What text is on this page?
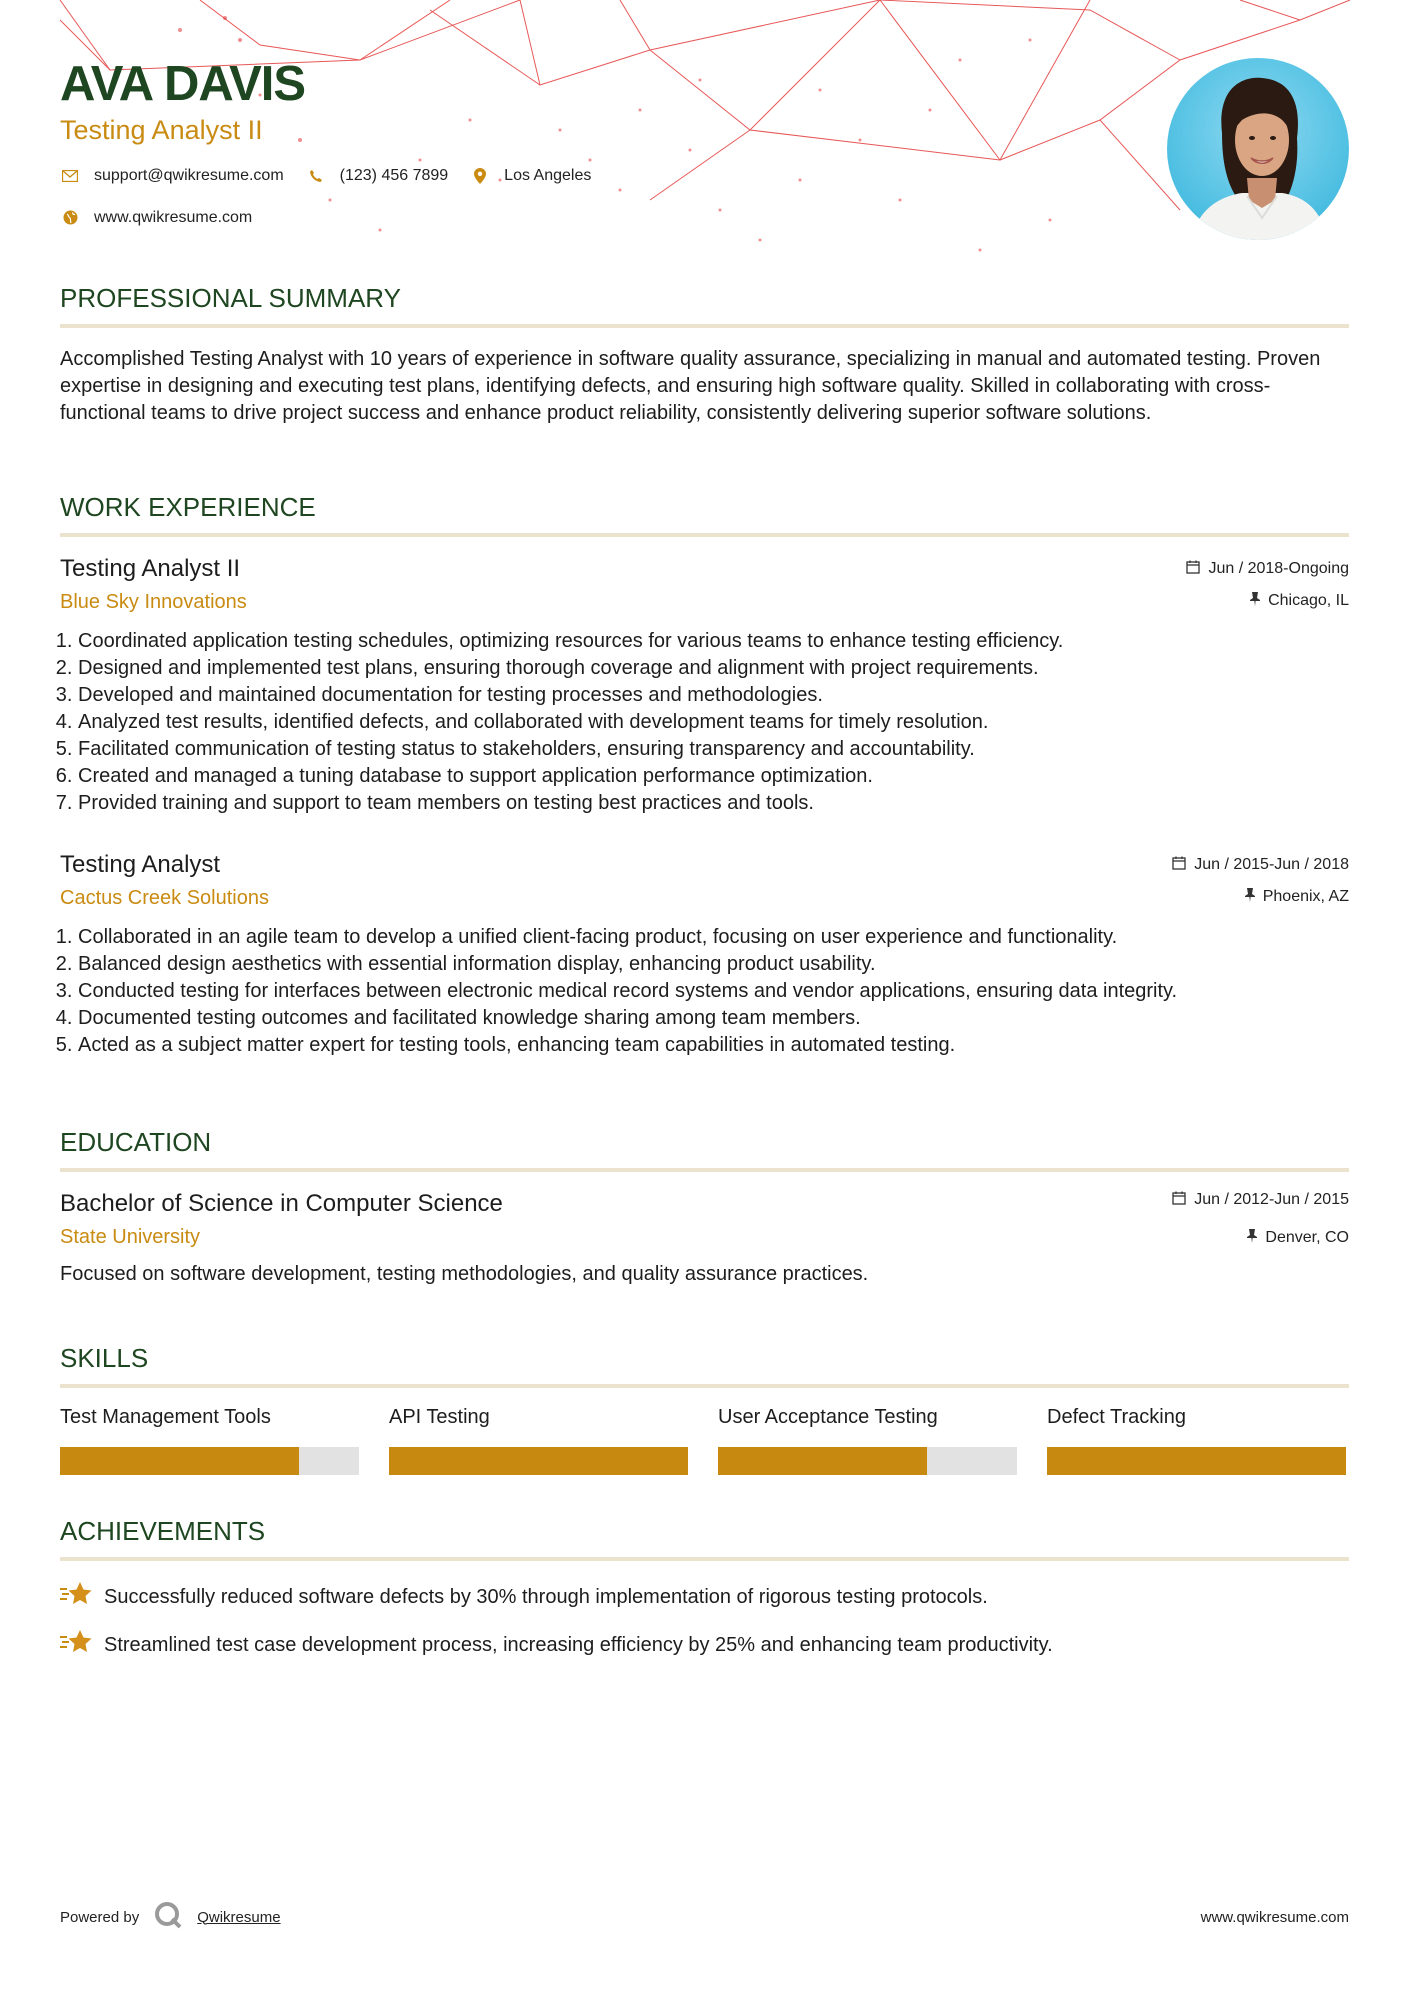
AVA DAVIS
Testing Analyst II
support@qwikresume.com	(123) 456 7899	Los Angeles
www.qwikresume.com
PROFESSIONAL SUMMARY
Accomplished Testing Analyst with 10 years of experience in software quality assurance, specializing in manual and automated testing. Proven expertise in designing and executing test plans, identifying defects, and ensuring high software quality. Skilled in collaborating with cross-functional teams to drive project success and enhance product reliability, consistently delivering superior software solutions.
WORK EXPERIENCE
Testing Analyst II
Blue Sky Innovations
Jun / 2018-Ongoing
Chicago, IL
1. Coordinated application testing schedules, optimizing resources for various teams to enhance testing efficiency.
2. Designed and implemented test plans, ensuring thorough coverage and alignment with project requirements.
3. Developed and maintained documentation for testing processes and methodologies.
4. Analyzed test results, identified defects, and collaborated with development teams for timely resolution.
5. Facilitated communication of testing status to stakeholders, ensuring transparency and accountability.
6. Created and managed a tuning database to support application performance optimization.
7. Provided training and support to team members on testing best practices and tools.
Testing Analyst
Cactus Creek Solutions
Jun / 2015-Jun / 2018
Phoenix, AZ
1. Collaborated in an agile team to develop a unified client-facing product, focusing on user experience and functionality.
2. Balanced design aesthetics with essential information display, enhancing product usability.
3. Conducted testing for interfaces between electronic medical record systems and vendor applications, ensuring data integrity.
4. Documented testing outcomes and facilitated knowledge sharing among team members.
5. Acted as a subject matter expert for testing tools, enhancing team capabilities in automated testing.
EDUCATION
Bachelor of Science in Computer Science
State University
Jun / 2012-Jun / 2015
Denver, CO
Focused on software development, testing methodologies, and quality assurance practices.
SKILLS
Test Management Tools	API Testing	User Acceptance Testing	Defect Tracking
ACHIEVEMENTS
Successfully reduced software defects by 30% through implementation of rigorous testing protocols.
Streamlined test case development process, increasing efficiency by 25% and enhancing team productivity.
Powered by	Qwikresume	www.qwikresume.com
